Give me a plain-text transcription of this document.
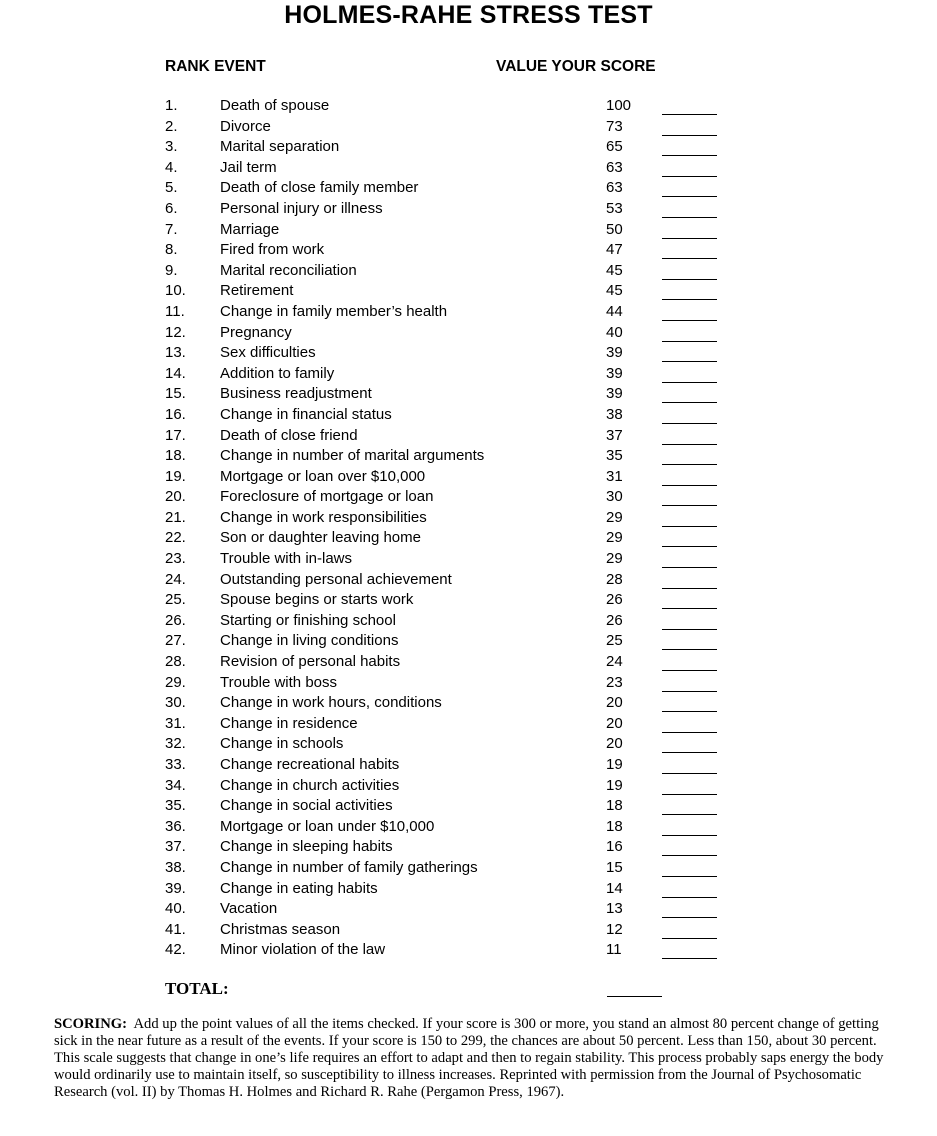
HOLMES-RAHE STRESS TEST
RANK EVENT	VALUE YOUR SCORE
1.	Death of spouse	100
2.	Divorce	73
3.	Marital separation	65
4.	Jail term	63
5.	Death of close family member	63
6.	Personal injury or illness	53
7.	Marriage	50
8.	Fired from work	47
9.	Marital reconciliation	45
10. Retirement	45
11. Change in family member’s health	44
12. Pregnancy	40
13. Sex difficulties	39
14. Addition to family	39
15. Business readjustment	39
16. Change in financial status	38
17. Death of close friend	37
18. Change in number of marital arguments	35
19. Mortgage or loan over $10,000	31
20. Foreclosure of mortgage or loan	30
21. Change in work responsibilities	29
22. Son or daughter leaving home	29
23. Trouble with in-laws	29
24. Outstanding personal achievement	28
25. Spouse begins or starts work	26
26. Starting or finishing school	26
27. Change in living conditions	25
28. Revision of personal habits	24
29. Trouble with boss	23
30. Change in work hours, conditions	20
31. Change in residence	20
32. Change in schools	20
33. Change recreational habits	19
34. Change in church activities	19
35. Change in social activities	18
36. Mortgage or loan under $10,000	18
37. Change in sleeping habits	16
38. Change in number of family gatherings	15
39. Change in eating habits	14
40. Vacation	13
41. Christmas season	12
42. Minor violation of the law	11
TOTAL:
SCORING: Add up the point values of all the items checked. If your score is 300 or more, you stand an almost 80 percent change of getting sick in the near future as a result of the events. If your score is 150 to 299, the chances are about 50 percent. Less than 150, about 30 percent. This scale suggests that change in one’s life requires an effort to adapt and then to regain stability. This process probably saps energy the body would ordinarily use to maintain itself, so susceptibility to illness increases. Reprinted with permission from the Journal of Psychosomatic Research (vol. II) by Thomas H. Holmes and Richard R. Rahe (Pergamon Press, 1967).
